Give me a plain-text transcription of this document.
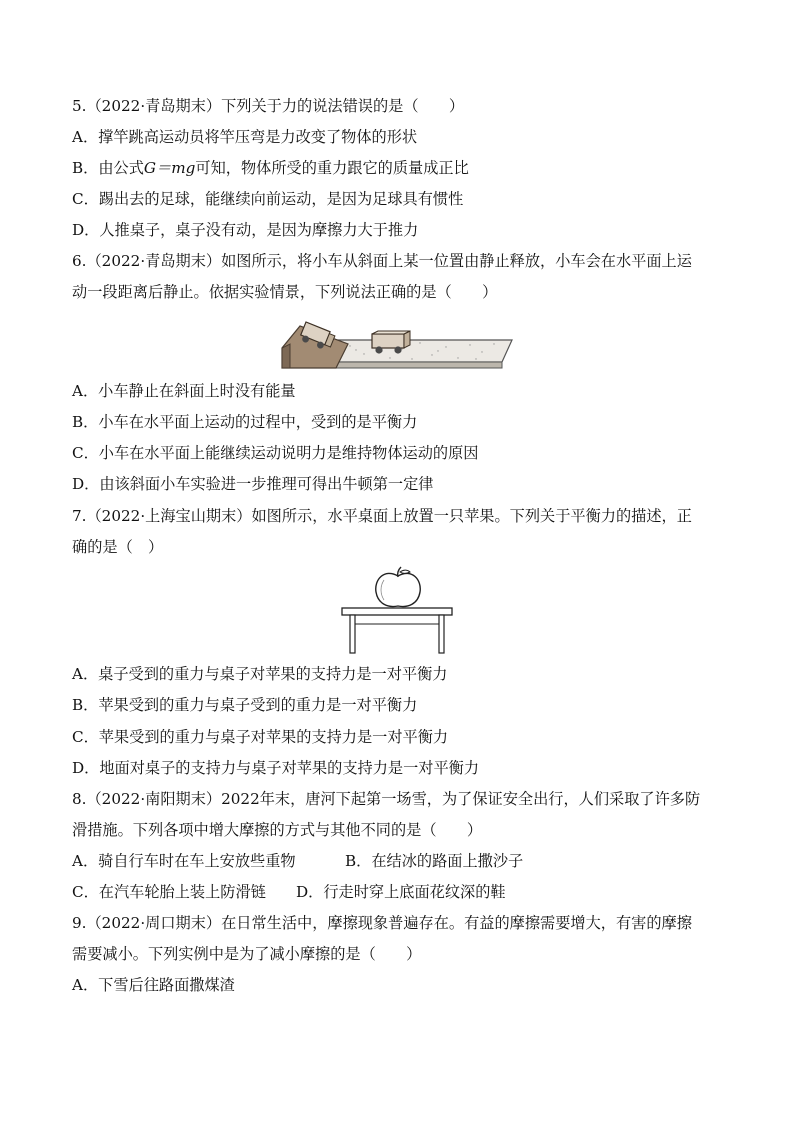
5.（2022·青岛期末）下列关于力的说法错误的是（　　）

A．撑竿跳高运动员将竿压弯是力改变了物体的形状

B．由公式G＝mg可知，物体所受的重力跟它的质量成正比

C．踢出去的足球，能继续向前运动，是因为足球具有惯性

D．人推桌子，桌子没有动，是因为摩擦力大于推力

6.（2022·青岛期末）如图所示，将小车从斜面上某一位置由静止释放，小车会在水平面上运

动一段距离后静止。依据实验情景，下列说法正确的是（　　）

A．小车静止在斜面上时没有能量

B．小车在水平面上运动的过程中，受到的是平衡力

C．小车在水平面上能继续运动说明力是维持物体运动的原因

D．由该斜面小车实验进一步推理可得出牛顿第一定律

7.（2022·上海宝山期末）如图所示，水平桌面上放置一只苹果。下列关于平衡力的描述，正

确的是（　）

A．桌子受到的重力与桌子对苹果的支持力是一对平衡力

B．苹果受到的重力与桌子受到的重力是一对平衡力

C．苹果受到的重力与桌子对苹果的支持力是一对平衡力

D．地面对桌子的支持力与桌子对苹果的支持力是一对平衡力

8.（2022·南阳期末）2022年末，唐河下起第一场雪，为了保证安全出行，人们采取了许多防

滑措施。下列各项中增大摩擦的方式与其他不同的是（　　）

A．骑自行车时在车上安放些重物	B．在结冰的路面上撒沙子

C．在汽车轮胎上装上防滑链 D．行走时穿上底面花纹深的鞋

9.（2022·周口期末）在日常生活中，摩擦现象普遍存在。有益的摩擦需要增大，有害的摩擦

需要减小。下列实例中是为了减小摩擦的是（　　）

A．下雪后往路面撒煤渣
